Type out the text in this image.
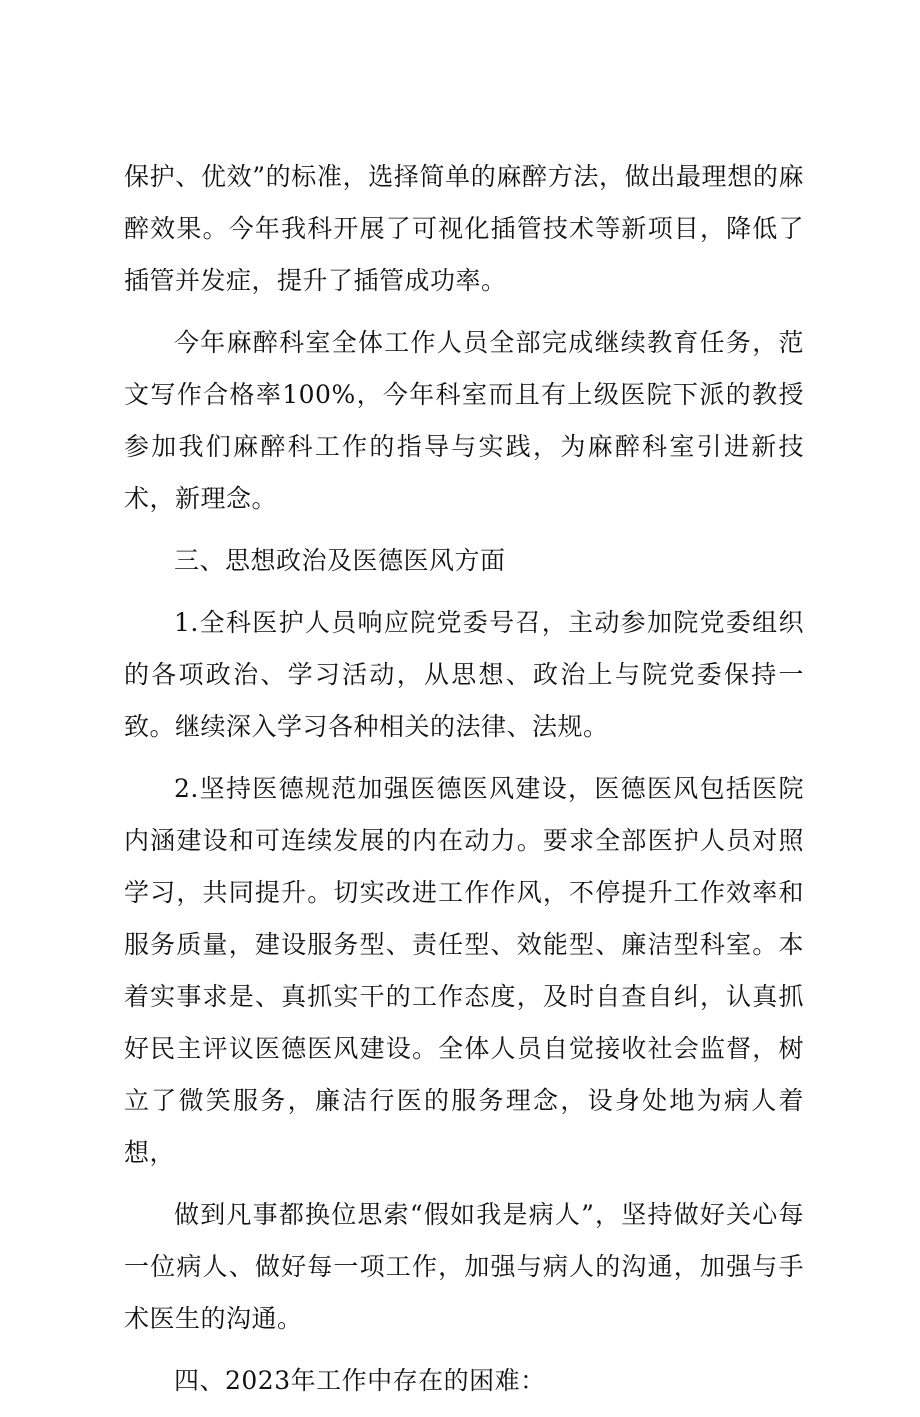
保护、优效”的标准，选择简单的麻醉方法，做出最理想的麻醉效果。今年我科开展了可视化插管技术等新项目，降低了插管并发症，提升了插管成功率。

今年麻醉科室全体工作人员全部完成继续教育任务，范文写作合格率100%，今年科室而且有上级医院下派的教授参加我们麻醉科工作的指导与实践，为麻醉科室引进新技术，新理念。

三、思想政治及医德医风方面

1.全科医护人员响应院党委号召，主动参加院党委组织的各项政治、学习活动，从思想、政治上与院党委保持一致。继续深入学习各种相关的法律、法规。

2.坚持医德规范加强医德医风建设，医德医风包括医院内涵建设和可连续发展的内在动力。要求全部医护人员对照学习，共同提升。切实改进工作作风，不停提升工作效率和服务质量，建设服务型、责任型、效能型、廉洁型科室。本着实事求是、真抓实干的工作态度，及时自查自纠，认真抓好民主评议医德医风建设。全体人员自觉接收社会监督，树立了微笑服务，廉洁行医的服务理念，设身处地为病人着想，

做到凡事都换位思索“假如我是病人”，坚持做好关心每一位病人、做好每一项工作，加强与病人的沟通，加强与手术医生的沟通。

四、2023年工作中存在的困难：
